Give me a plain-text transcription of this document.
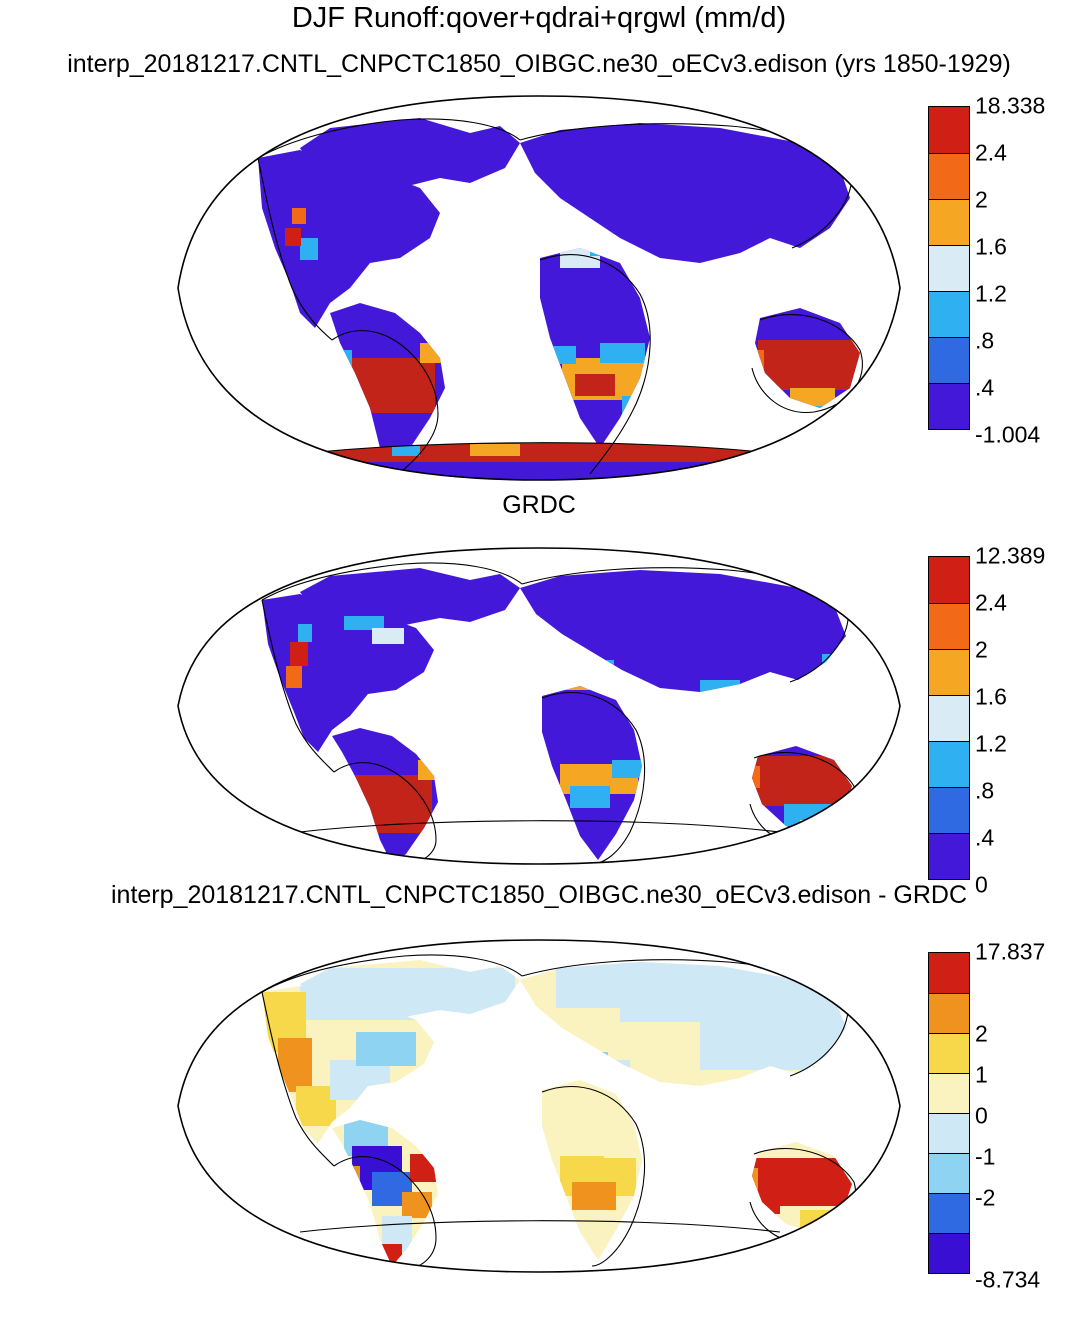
DJF Runoff:qover+qdrai+qrgwl (mm/d)
interp_20181217.CNTL_CNPCTC1850_OIBGC.ne30_oECv3.edison (yrs 1850-1929)
18.338
2.4
2
1.6
1.2
.8
.4
-1.004
GRDC
12.389
2.4
2
1.6
1.2
.8
.4
0
interp_20181217.CNTL_CNPCTC1850_OIBGC.ne30_oECv3.edison - GRDC
17.837
2
1
0
-1
-2
-8.734
